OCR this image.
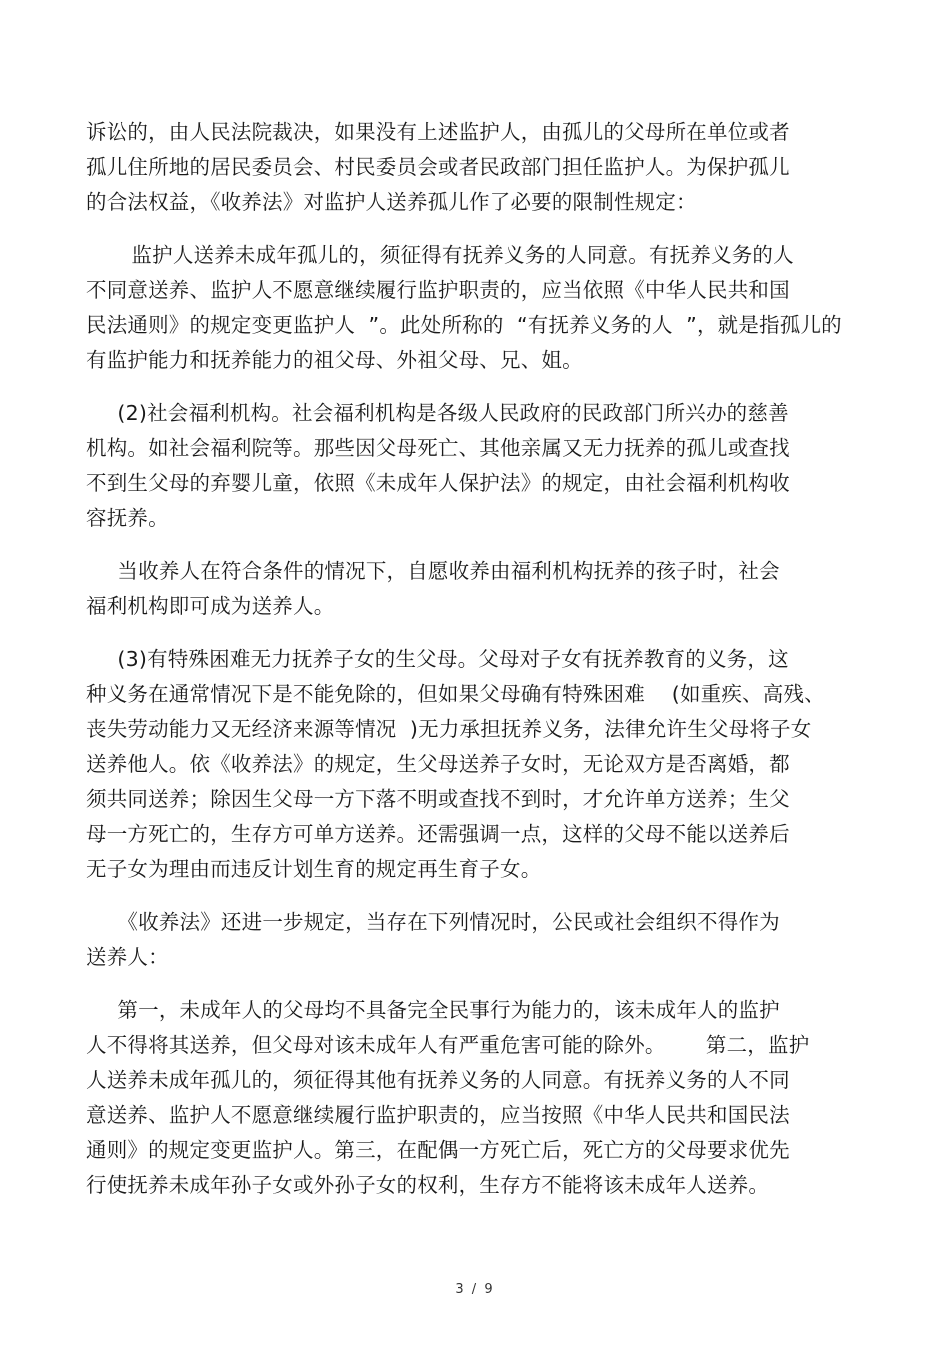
诉讼的，由人民法院裁决，如果没有上述监护人，由孤儿的父母所在单位或者
孤儿住所地的居民委员会、村民委员会或者民政部门担任监护人。为保护孤儿
的合法权益，《收养法》对监护人送养孤儿作了必要的限制性规定：
监护人送养未成年孤儿的，须征得有抚养义务的人同意。有抚养义务的人
不同意送养、监护人不愿意继续履行监护职责的，应当依照《中华人民共和国
民法通则》的规定变更监护人  ”。此处所称的  “有抚养义务的人  ”，就是指孤儿的
有监护能力和抚养能力的祖父母、外祖父母、兄、姐。
(2)社会福利机构。社会福利机构是各级人民政府的民政部门所兴办的慈善
机构。如社会福利院等。那些因父母死亡、其他亲属又无力抚养的孤儿或查找
不到生父母的弃婴儿童，依照《未成年人保护法》的规定，由社会福利机构收
容抚养。
当收养人在符合条件的情况下，自愿收养由福利机构抚养的孩子时，社会
福利机构即可成为送养人。
(3)有特殊困难无力抚养子女的生父母。父母对子女有抚养教育的义务，这
种义务在通常情况下是不能免除的，但如果父母确有特殊困难    (如重疾、高残、
丧失劳动能力又无经济来源等情况  )无力承担抚养义务，法律允许生父母将子女
送养他人。依《收养法》的规定，生父母送养子女时，无论双方是否离婚，都
须共同送养；除因生父母一方下落不明或查找不到时，才允许单方送养；生父
母一方死亡的，生存方可单方送养。还需强调一点，这样的父母不能以送养后
无子女为理由而违反计划生育的规定再生育子女。
《收养法》还进一步规定，当存在下列情况时，公民或社会组织不得作为
送养人：
第一，未成年人的父母均不具备完全民事行为能力的，该未成年人的监护
人不得将其送养，但父母对该未成年人有严重危害可能的除外。      第二，监护
人送养未成年孤儿的，须征得其他有抚养义务的人同意。有抚养义务的人不同
意送养、监护人不愿意继续履行监护职责的，应当按照《中华人民共和国民法
通则》的规定变更监护人。第三，在配偶一方死亡后，死亡方的父母要求优先
行使抚养未成年孙子女或外孙子女的权利，生存方不能将该未成年人送养。
3 / 9
